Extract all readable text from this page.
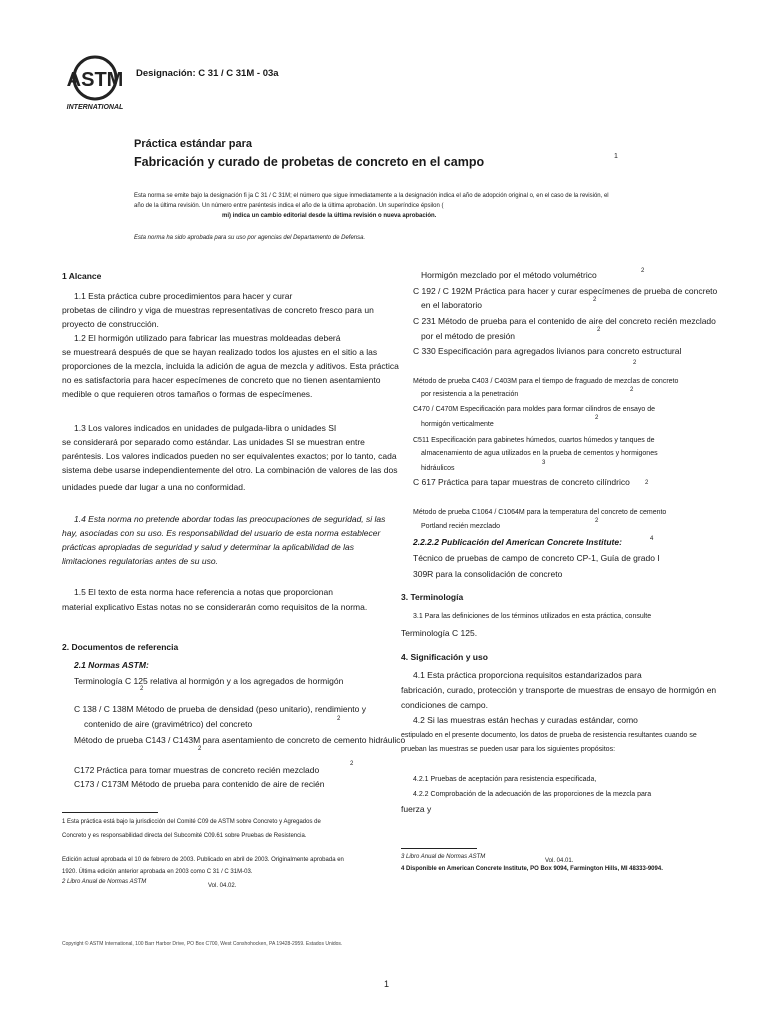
ASTM
INTERNATIONAL
Designación: C 31 / C 31M - 03a
Práctica estándar para
Fabricación y curado de probetas de concreto en el campo	1
Esta norma se emite bajo la designación fi ja C 31 / C 31M; el número que sigue inmediatamente a la designación indica el año de adopción original o, en el caso de la revisión, el
año de la última revisión. Un número entre paréntesis indica el año de la última aprobación. Un superíndice épsilon (
mi) indica un cambio editorial desde la última revisión o nueva aprobación.
Esta norma ha sido aprobada para su uso por agencias del Departamento de Defensa.
1 Alcance
1.1 Esta práctica cubre procedimientos para hacer y curar
probetas de cilindro y viga de muestras representativas de concreto fresco para un
proyecto de construcción.
1.2 El hormigón utilizado para fabricar las muestras moldeadas deberá
se muestreará después de que se hayan realizado todos los ajustes en el sitio a las
proporciones de la mezcla, incluida la adición de agua de mezcla y aditivos. Esta práctica
no es satisfactoria para hacer especímenes de concreto que no tienen asentamiento
medible o que requieren otros tamaños o formas de especímenes.
1.3 Los valores indicados en unidades de pulgada-libra o unidades SI
se considerará por separado como estándar. Las unidades SI se muestran entre
paréntesis. Los valores indicados pueden no ser equivalentes exactos; por lo tanto, cada
sistema debe usarse independientemente del otro. La combinación de valores de las dos
unidades puede dar lugar a una no conformidad.
1.4 Esta norma no pretende abordar todas las preocupaciones de seguridad, si las
hay, asociadas con su uso. Es responsabilidad del usuario de esta norma establecer
prácticas apropiadas de seguridad y salud y determinar la aplicabilidad de las
limitaciones regulatorias antes de su uso.
1.5 El texto de esta norma hace referencia a notas que proporcionan
material explicativo Estas notas no se considerarán como requisitos de la norma.
2. Documentos de referencia
2.1 Normas ASTM:
Terminología C 125 relativa al hormigón y a los agregados de hormigón
2
C 138 / C 138M Método de prueba de densidad (peso unitario), rendimiento y
contenido de aire (gravimétrico) del concreto	2
Método de prueba C143 / C143M para asentamiento de concreto de cemento hidráulico
2
C172 Práctica para tomar muestras de concreto recién mezclado
2
C173 / C173M Método de prueba para contenido de aire de recién
1 Esta práctica está bajo la jurisdicción del Comité C09 de ASTM sobre Concreto y Agregados de
Concreto y es responsabilidad directa del Subcomité C09.61 sobre Pruebas de Resistencia.
Edición actual aprobada el 10 de febrero de 2003. Publicado en abril de 2003. Originalmente aprobada en
1920. Última edición anterior aprobada en 2003 como C 31 / C 31M-03.
2 Libro Anual de Normas ASTM
Vol. 04.02.
Hormigón mezclado por el método volumétrico	2
C 192 / C 192M Práctica para hacer y curar especímenes de prueba de concreto
en el laboratorio	2
C 231 Método de prueba para el contenido de aire del concreto recién mezclado
por el método de presión
2
C 330 Especificación para agregados livianos para concreto estructural
2
Método de prueba C403 / C403M para el tiempo de fraguado de mezclas de concreto
por resistencia a la penetración
2
C470 / C470M Especificación para moldes para formar cilindros de ensayo de
hormigón verticalmente
2
C511 Especificación para gabinetes húmedos, cuartos húmedos y tanques de
almacenamiento de agua utilizados en la prueba de cementos y hormigones
hidráulicos
3
C 617 Práctica para tapar muestras de concreto cilíndrico	2
Método de prueba C1064 / C1064M para la temperatura del concreto de cemento
Portland recién mezclado
2
2.2.2.2 Publicación del American Concrete Institute:	4
Técnico de pruebas de campo de concreto CP-1, Guía de grado I
309R para la consolidación de concreto
3. Terminología
3.1 Para las definiciones de los términos utilizados en esta práctica, consulte
Terminología C 125.
4. Significación y uso
4.1 Esta práctica proporciona requisitos estandarizados para
fabricación, curado, protección y transporte de muestras de ensayo de hormigón en
condiciones de campo.
4.2 Si las muestras están hechas y curadas estándar, como
estipulado en el presente documento, los datos de prueba de resistencia resultantes cuando se
prueban las muestras se pueden usar para los siguientes propósitos:
4.2.1 Pruebas de aceptación para resistencia especificada,
4.2.2 Comprobación de la adecuación de las proporciones de la mezcla para
fuerza y
3 Libro Anual de Normas ASTM
Vol. 04.01.
4 Disponible en American Concrete Institute, PO Box 9094, Farmington Hills, MI 48333-9094.
Copyright © ASTM International, 100 Barr Harbor Drive, PO Box C700, West Conshohocken, PA 19428-2959. Estados Unidos.
1
